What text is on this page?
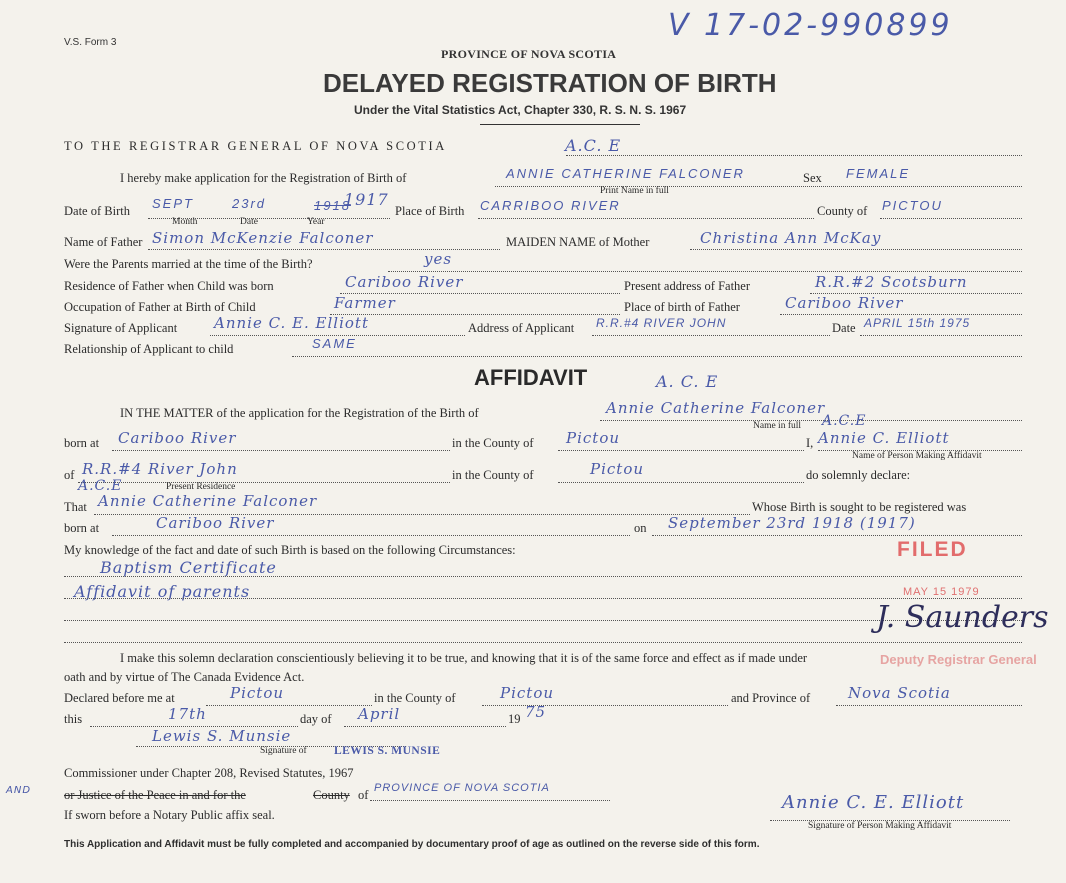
V.S. Form 3
PROVINCE OF NOVA SCOTIA
V 17-02-990899
DELAYED REGISTRATION OF BIRTH
Under the Vital Statistics Act, Chapter 330, R. S. N. S. 1967
TO THE REGISTRAR GENERAL OF NOVA SCOTIA	A.C. E
I hereby make application for the Registration of Birth of	ANNIE CATHERINE FALCONER	Sex FEMALE
Print Name in full
Date of Birth SEPT	23rd	1918
1917
Place of Birth CARRIBOO RIVER	County of PICTOU
Month	Date	Year
Name of Father Simon McKenzie Falconer	MAIDEN NAME of Mother	Christina Ann McKay
Were the Parents married at the time of the Birth?	yes
Residence of Father when Child was born	Cariboo River	Present address of Father	R.R.#2 Scotsburn
Occupation of Father at Birth of Child	Farmer	Place of birth of Father	Cariboo River
Signature of Applicant Annie C. E. Elliott	Address of Applicant R.R.#4 RIVER JOHN	Date APRIL 15th 1975
Relationship of Applicant to child	SAME
AFFIDAVIT	A. C. E
IN THE MATTER of the application for the Registration of the Birth of	Annie Catherine Falconer
Name in full A.C.E
born at Cariboo River	in the County of Pictou	I, Annie C. Elliott
Name of Person Making Affidavit
of R.R.#4 River John	in the County of	Pictou	do solemnly declare:
Present Residence
A.C.E
That Annie Catherine Falconer	Whose Birth is sought to be registered was
born at	Cariboo River	on September 23rd 1918 (1917)
My knowledge of the fact and date of such Birth is based on the following Circumstances:	FILED
Baptism Certificate
Affidavit of parents	MAY 15 1979
J. Saunders
I make this solemn declaration conscientiously believing it to be true, and knowing that it is of the same force and effect as if made under	Deputy Registrar General
oath and by virtue of The Canada Evidence Act.
Declared before me at	Pictou	in the County of	Pictou	and Province of	Nova Scotia
this	17th	day of April	19 75
Lewis S. Munsie
Signature of LEWIS S. MUNSIE
Commissioner under Chapter 208, Revised Statutes, 1967
AND	or Justice of the Peace in and for the	County of PROVINCE OF NOVA SCOTIA
If sworn before a Notary Public affix seal.
Annie C. E. Elliott
Signature of Person Making Affidavit
This Application and Affidavit must be fully completed and accompanied by documentary proof of age as outlined on the reverse side of this form.
